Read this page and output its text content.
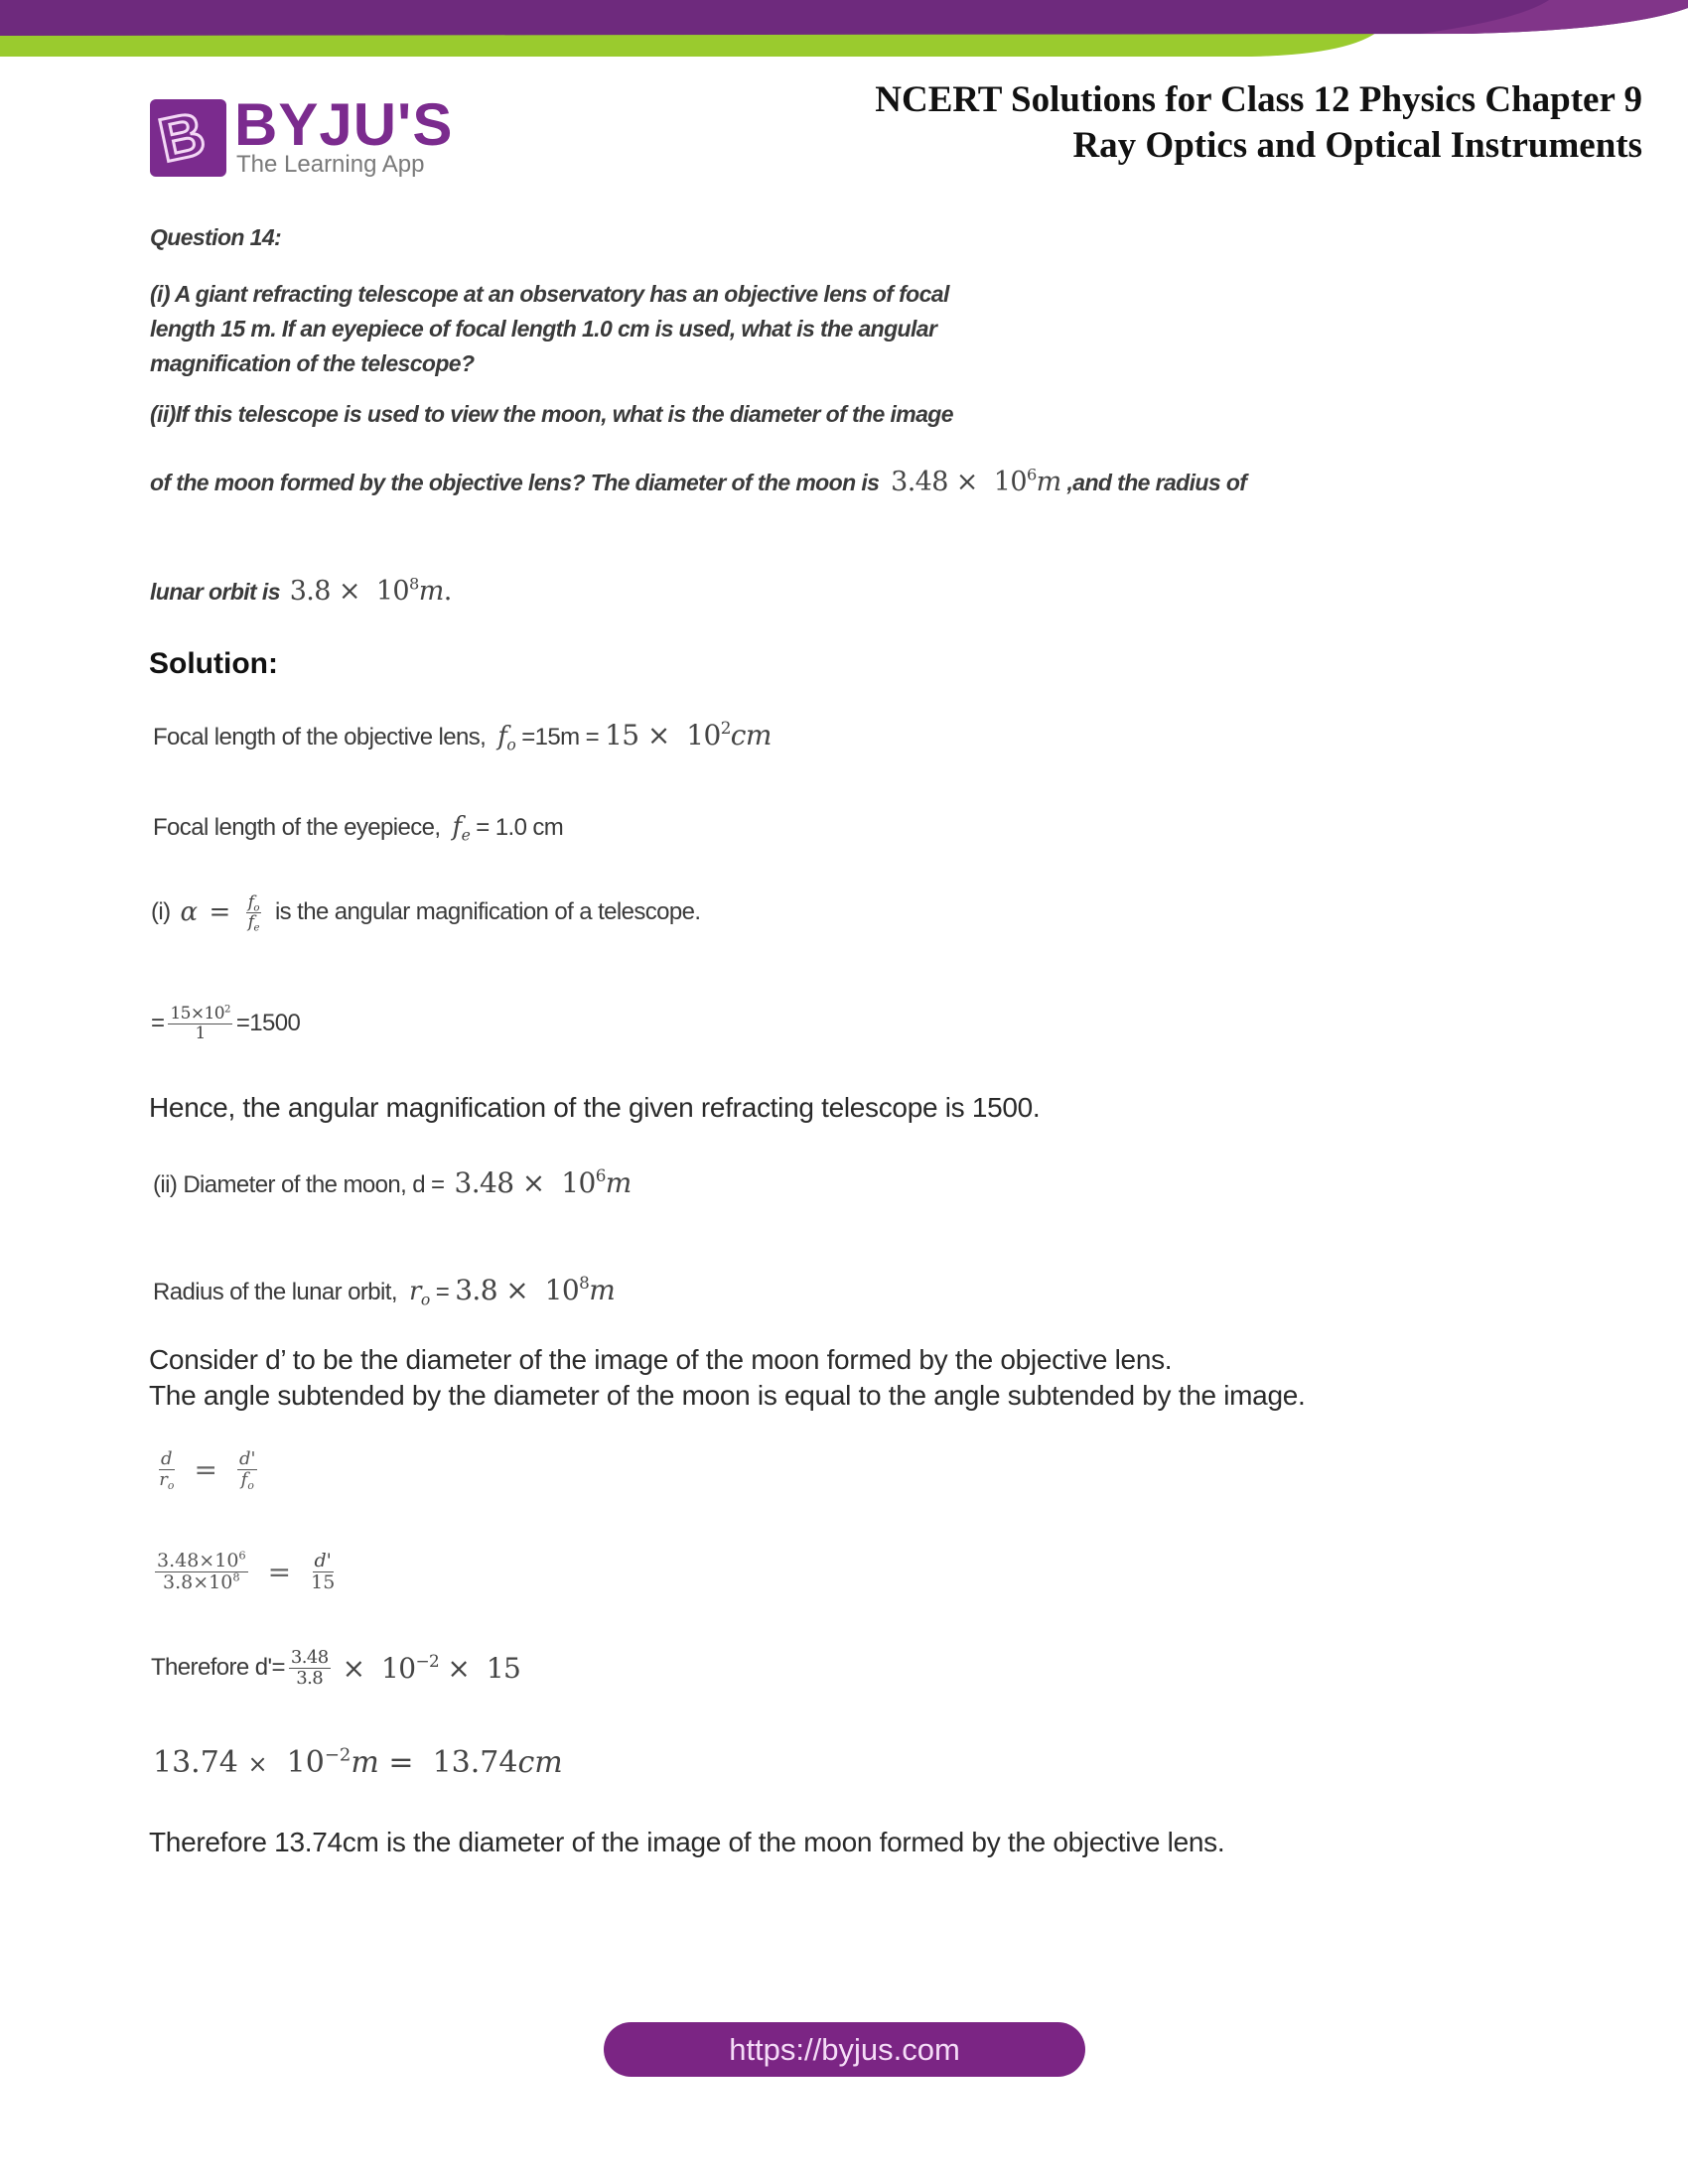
B BYJU'S
The Learning App
NCERT Solutions for Class 12 Physics Chapter 9
Ray Optics and Optical Instruments
Question 14:
(i) A giant refracting telescope at an observatory has an objective lens of focal
length 15 m. If an eyepiece of focal length 1.0 cm is used, what is the angular
magnification of the telescope?
(ii)If this telescope is used to view the moon, what is the diameter of the image
of the moon formed by the objective lens? The diameter of the moon is $3.48 \times 10^6m$ ,and the radius of
lunar orbit is $3.8 \times 10^8m$.
Solution:
Focal length of the objective lens, $f_o =15m = 15 \times 10^2cm$
Focal length of the eyepiece, $f_e = 1.0$ cm
(i) $\alpha = \frac{f_o}{f_e}$ is the angular magnification of a telescope.
= $\frac{15\times 10^2}{1} =1500$
Hence, the angular magnification of the given refracting telescope is 1500.
(ii) Diameter of the moon, $d = 3.48 \times 10^6m$
Radius of the lunar orbit, $r_o = 3.8 \times 10^8m$
Consider d’ to be the diameter of the image of the moon formed by the objective lens.
The angle subtended by the diameter of the moon is equal to the angle subtended by the image.
$\frac{d}{r_o} = \frac{d'}{f_o}$
$\frac{3.48\times 10^6}{3.8\times 10^8} = \frac{d'}{15}$
Therefore $d'= \frac{3.48}{3.8} \times 10^{-2} \times 15$
$13.74 \times 10^{-2}m = 13.74cm$
Therefore 13.74cm is the diameter of the image of the moon formed by the objective lens.
https://byjus.com
